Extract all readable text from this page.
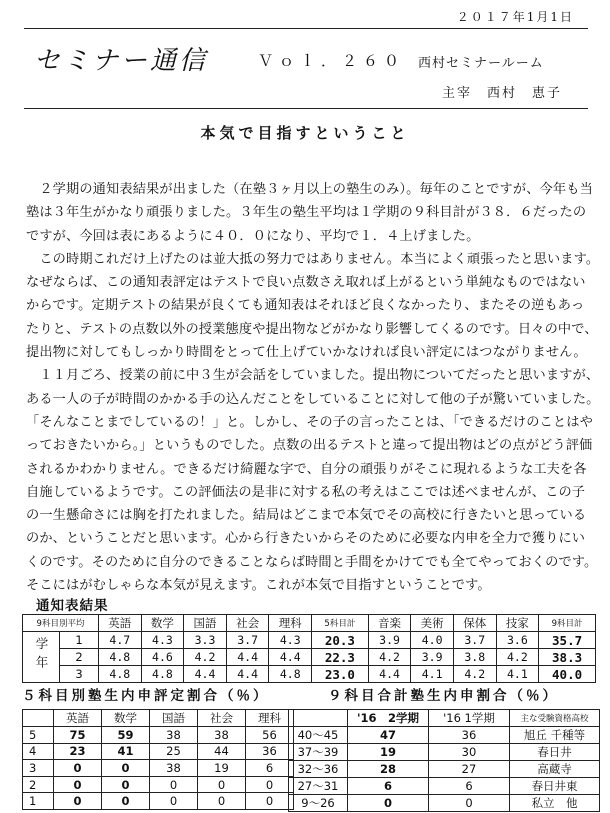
２０１７年1月1日
セミナー通信	Ｖｏｌ．２６０ 西村セミナールーム
主宰　西村　恵子
本気で目指すということ
　２学期の通知表結果が出ました（在塾３ヶ月以上の塾生のみ）。毎年のことですが、今年も当
塾は３年生がかなり頑張りました。３年生の塾生平均は１学期の９科目計が３８．６だったの
ですが、今回は表にあるように４０．０になり、平均で１．４上げました。
　この時期これだけ上げたのは並大抵の努力ではありません。本当によく頑張ったと思います。
なぜならば、この通知表評定はテストで良い点数さえ取れば上がるという単純なものではない
からです。定期テストの結果が良くても通知表はそれほど良くなかったり、またその逆もあっ
たりと、テストの点数以外の授業態度や提出物などがかなり影響してくるのです。日々の中で、
提出物に対してもしっかり時間をとって仕上げていかなければ良い評定にはつながりません。
　１１月ごろ、授業の前に中３生が会話をしていました。提出物についてだったと思いますが、
ある一人の子が時間のかかる手の込んだことをしていることに対して他の子が驚いていました。
「そんなことまでしているの！」と。しかし、その子の言ったことは、「できるだけのことはや
っておきたいから。」というものでした。点数の出るテストと違って提出物はどの点がどう評価
されるかわかりません。できるだけ綺麗な字で、自分の頑張りがそこに現れるような工夫を各
自施しているようです。この評価法の是非に対する私の考えはここでは述べませんが、この子
の一生懸命さには胸を打たれました。結局はどこまで本気でその高校に行きたいと思っている
のか、ということだと思います。心から行きたいからそのために必要な内申を全力で獲りにい
くのです。そのために自分のできることならば時間と手間をかけてでも全てやっておくのです。
そこにはがむしゃらな本気が見えます。これが本気で目指すということです。
通知表結果
9科目別平均		英語	数学	国語	社会	理科	5科目計	音楽	美術	保体	技家	9科目計
学年	1	4.7	4.3	3.3	3.7	4.3	20.3	3.9	4.0	3.7	3.6	35.7
	2	4.8	4.6	4.2	4.4	4.4	22.3	4.2	3.9	3.8	4.2	38.3
	3	4.8	4.8	4.4	4.4	4.8	23.0	4.4	4.1	4.2	4.1	40.0
５科目別塾生内申評定割合（％）	９科目合計塾生内申割合（％）
	英語	数学	国語	社会	理科
5	75	59	38	38	56
4	23	41	25	44	36
3	0	0	38	19	6
2	0	0	0	0	0
1	0	0	0	0	0
	'16　2学期	'16 1学期	主な受験資格高校
40～45	47	36	旭丘 千種等
37～39	19	30	春日井
32～36	28	27	高蔵寺
27～31	6	6	春日井東
9～26	0	0	私立　他
